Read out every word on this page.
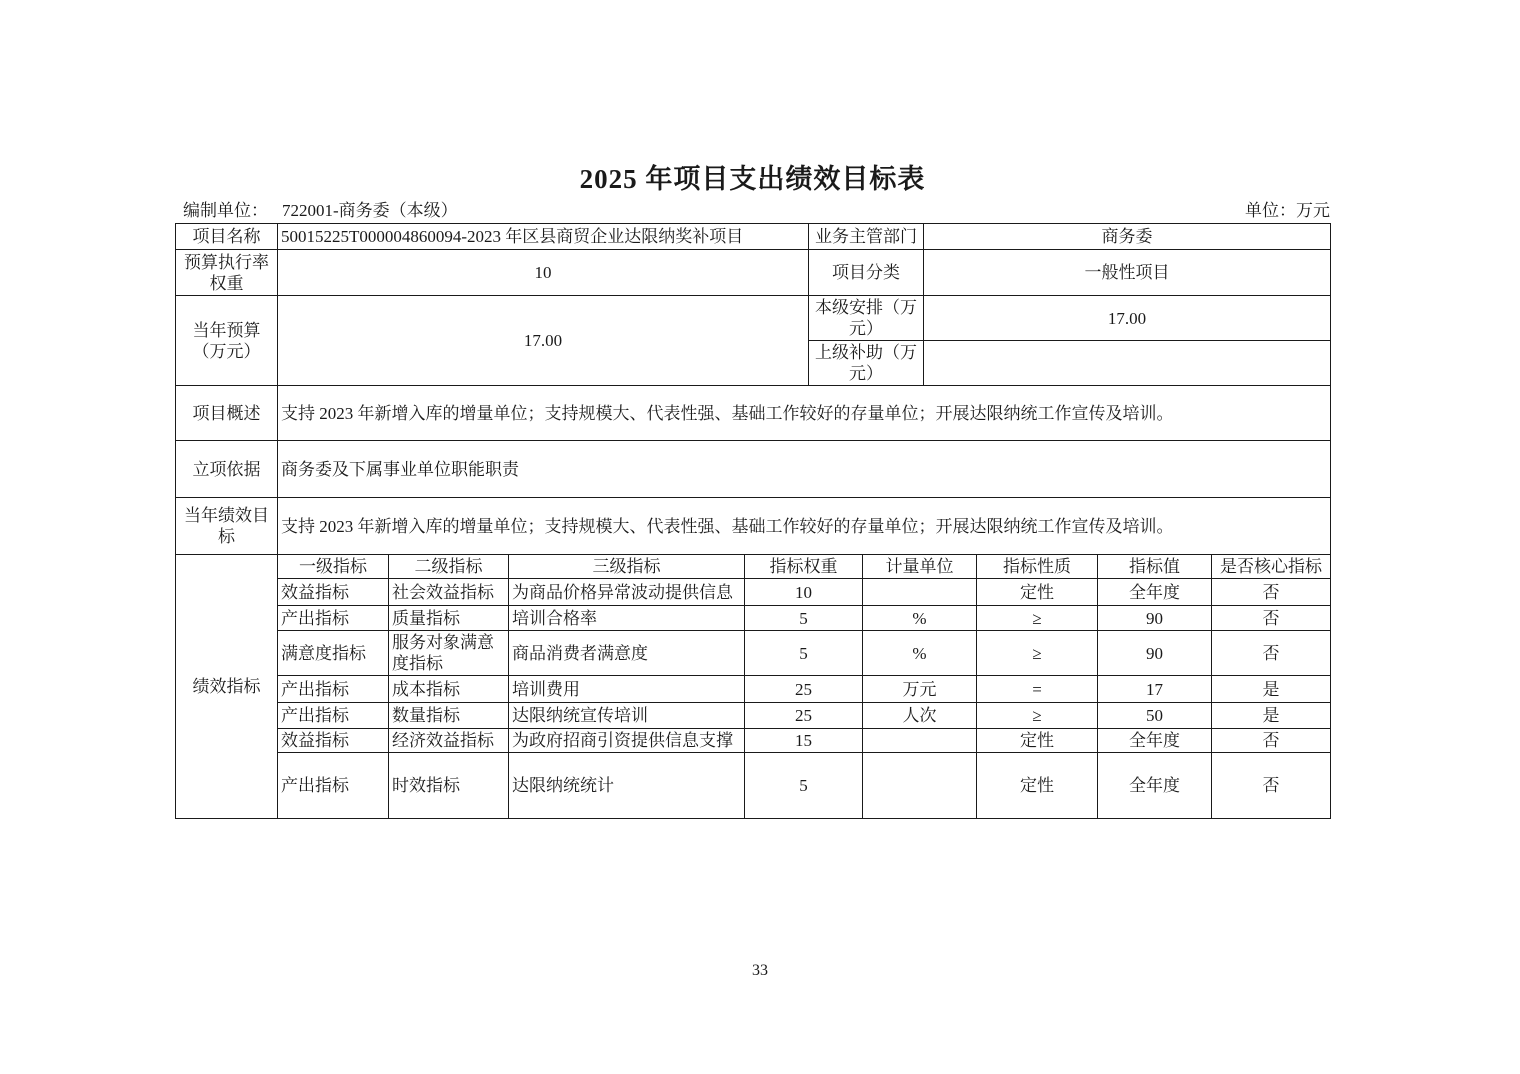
2025 年项目支出绩效目标表
编制单位： 722001-商务委（本级）	单位：万元
项目名称	50015225T000004860094-2023 年区县商贸企业达限纳奖补项目	业务主管部门	商务委
预算执行率权重	10	项目分类	一般性项目
当年预算（万元）	17.00	本级安排（万元）	17.00
		上级补助（万元）	
项目概述	支持 2023 年新增入库的增量单位；支持规模大、代表性强、基础工作较好的存量单位；开展达限纳统工作宣传及培训。		
立项依据	商务委及下属事业单位职能职责		
当年绩效目标	支持 2023 年新增入库的增量单位；支持规模大、代表性强、基础工作较好的存量单位；开展达限纳统工作宣传及培训。		
绩效指标	一级指标	二级指标	三级指标	指标权重	计量单位	指标性质	指标值	是否核心指标
	效益指标	社会效益指标	为商品价格异常波动提供信息	10		定性	全年度	否
	产出指标	质量指标	培训合格率	5	%	≥	90	否
	满意度指标	服务对象满意度指标	商品消费者满意度	5	%	≥	90	否
	产出指标	成本指标	培训费用	25	万元	=	17	是
	产出指标	数量指标	达限纳统宣传培训	25	人次	≥	50	是
	效益指标	经济效益指标	为政府招商引资提供信息支撑	15		定性	全年度	否
	产出指标	时效指标	达限纳统统计	5		定性	全年度	否
33
